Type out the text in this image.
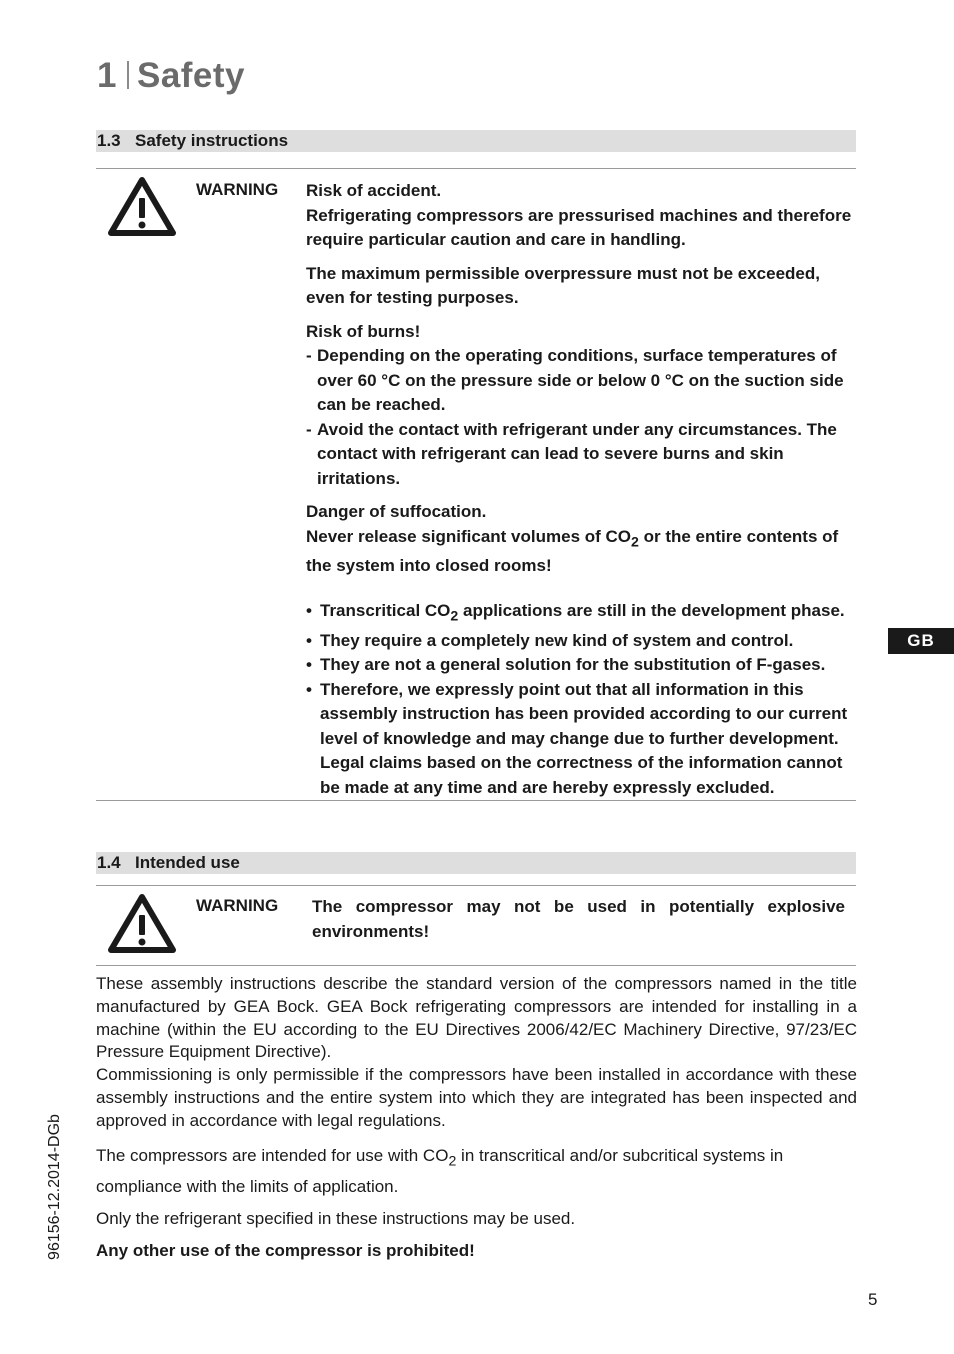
1 Safety
1.3 Safety instructions
WARNING Risk of accident.

Refrigerating compressors are pressurised machines and therefore require particular caution and care in handling.

The maximum permissible overpressure must not be exceeded, even for testing purposes.

Risk of burns!

- Depending on the operating conditions, surface temperatures of over 60 °C on the pressure side or below 0 °C on the suction side can be reached.
- Avoid the contact with refrigerant under any circumstances. The contact with refrigerant can lead to severe burns and skin irritations.

Danger of suffocation.

Never release significant volumes of $CO_2$ or the entire contents of the system into closed rooms!

• Transcritical $CO_2$ applications are still in the development phase.
• They require a completely new kind of system and control.
• They are not a general solution for the substitution of F-gases.
• Therefore, we expressly point out that all information in this assembly instruction has been provided according to our current level of knowledge and may change due to further development. Legal claims based on the correctness of the information cannot be made at any time and are hereby expressly excluded.
1.4 Intended use
WARNING The compressor may not be used in potentially explosive environments!

These assembly instructions describe the standard version of the compressors named in the title manufactured by GEA Bock. GEA Bock refrigerating compressors are intended for installing in a machine (within the EU according to the EU Directives 2006/42/EC Machinery Directive, 97/23/EC Pressure Equipment Directive).

Commissioning is only permissible if the compressors have been installed in accordance with these assembly instructions and the entire system into which they are integrated has been inspected and approved in accordance with legal regulations.

The compressors are intended for use with $CO_2$ in transcritical and/or subcritical systems in compliance with the limits of application.

Only the refrigerant specified in these instructions may be used.

Any other use of the compressor is prohibited!

GB
96156-12.2014-DGb
5
